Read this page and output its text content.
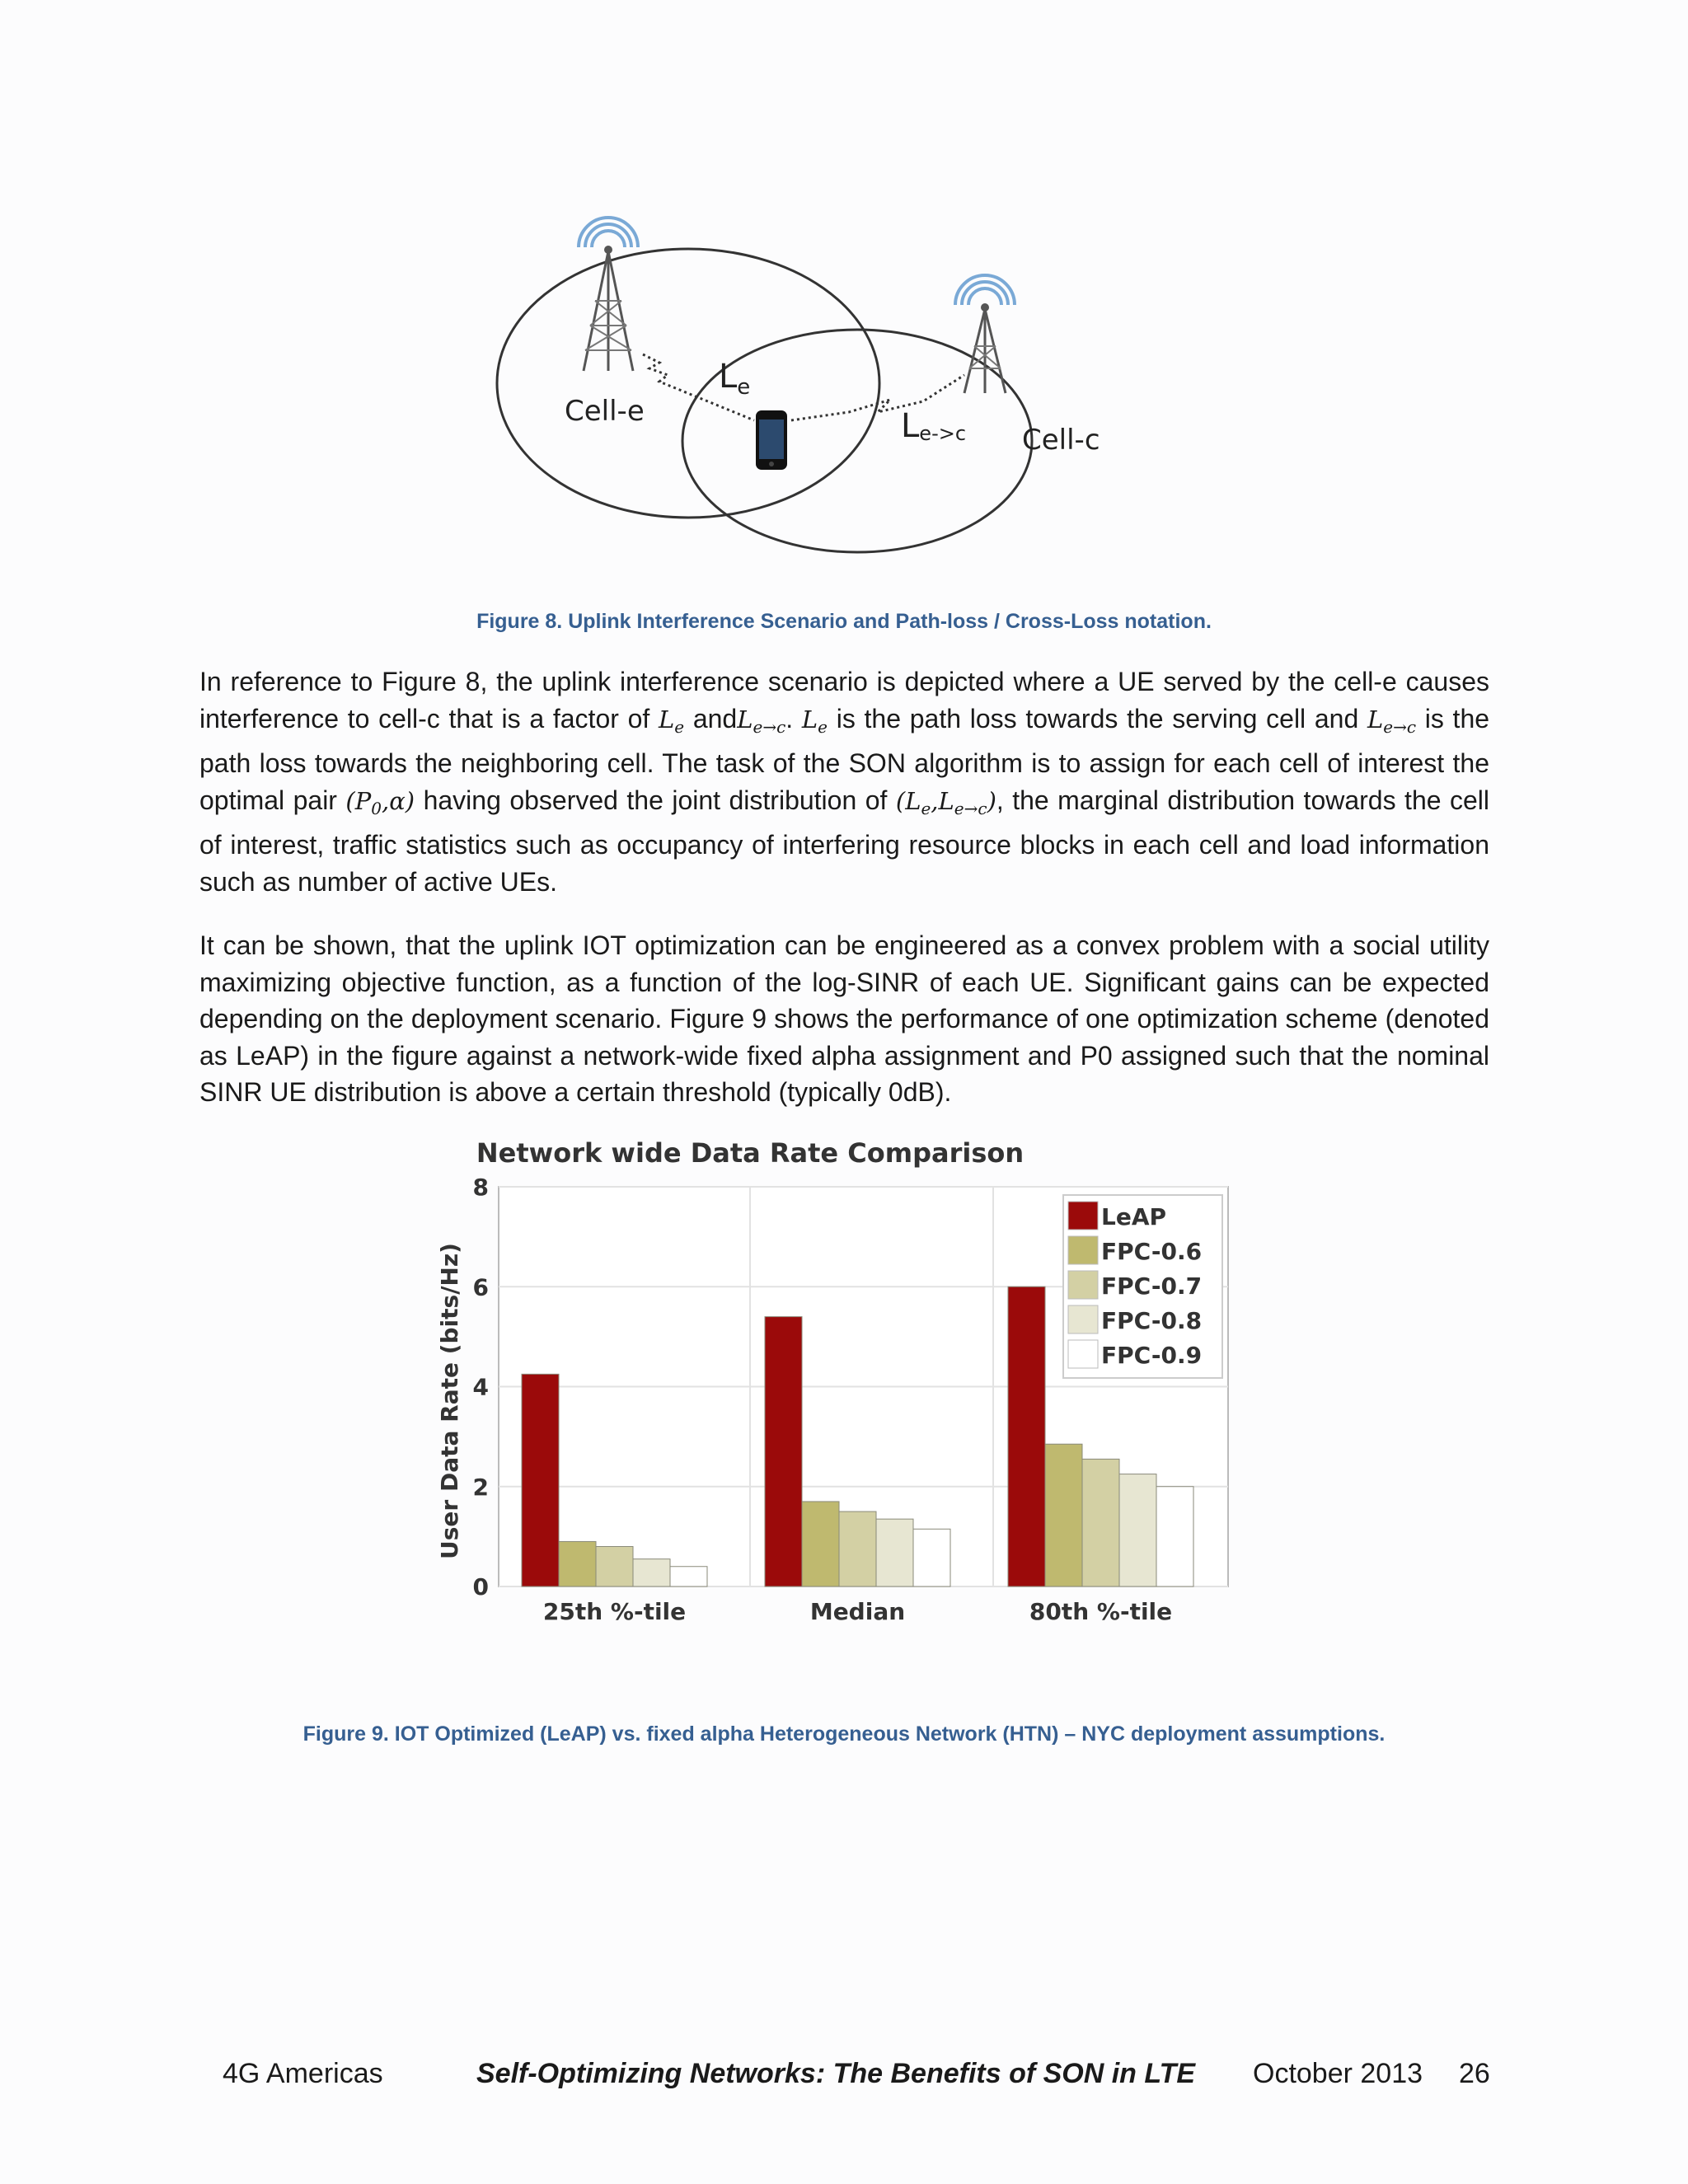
Cell-e
Cell-c
$L_e$
Le->c
Figure 8. Uplink Interference Scenario and Path-loss / Cross-Loss notation.

In reference to Figure 8, the uplink interference scenario is depicted where a UE served by the cell-e causes interference to cell-c that is a factor of $L_e$ andL$_{e\to c}$. $L_e$ is the path loss towards the serving cell and $L_{e\to c}$ is the path loss towards the neighboring cell. The task of the SON algorithm is to assign for each cell of interest the optimal pair $(P_0,\alpha)$ having observed the joint distribution of $(L_e,L_{e\to c})$, the marginal distribution towards the cell of interest, traffic statistics such as occupancy of interfering resource blocks in each cell and load information such as number of active UEs.

It can be shown, that the uplink IOT optimization can be engineered as a convex problem with a social utility maximizing objective function, as a function of the log-SINR of each UE. Significant gains can be expected depending on the deployment scenario. Figure 9 shows the performance of one optimization scheme (denoted as LeAP) in the figure against a network-wide fixed alpha assignment and P0 assigned such that the nominal SINR UE distribution is above a certain threshold (typically 0dB).

Network wide Data Rate Comparison
User Data Rate (bits/Hz)
0
2
4
6
8
25th %-tile	Median	80th %-tile
LeAP
FPC-0.6
FPC-0.7
FPC-0.8
FPC-0.9
Figure 9. IOT Optimized (LeAP) vs. fixed alpha Heterogeneous Network (HTN) – NYC deployment assumptions.
4G Americas	Self-Optimizing Networks: The Benefits of SON in LTE October 2013 26
